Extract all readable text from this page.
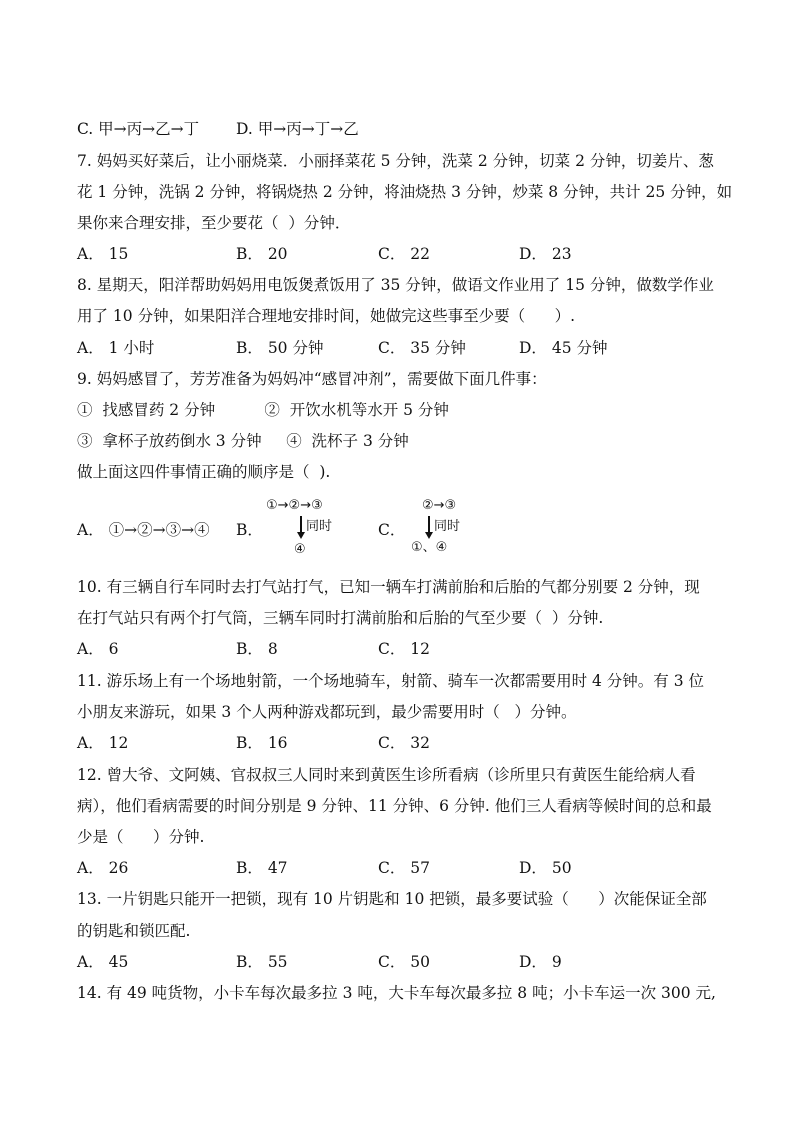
C. 甲→丙→乙→丁 D. 甲→丙→丁→乙
7. 妈妈买好菜后，让小丽烧菜．小丽择菜花 5 分钟，洗菜 2 分钟，切菜 2 分钟，切姜片、葱
花 1 分钟，洗锅 2 分钟，将锅烧热 2 分钟，将油烧热 3 分钟，炒菜 8 分钟，共计 25 分钟，如
果你来合理安排，至少要花（  ）分钟．
A． 15	B． 20	C． 22	D． 23
8. 星期天，阳洋帮助妈妈用电饭煲煮饭用了 35 分钟，做语文作业用了 15 分钟，做数学作业
用了 10 分钟，如果阳洋合理地安排时间，她做完这些事至少要（      ）.
A． 1 小时	B． 50 分钟	C． 35 分钟	D． 45 分钟
9. 妈妈感冒了，芳芳准备为妈妈冲“感冒冲剂”，需要做下面几件事：
①  找感冒药 2 分钟          ②  开饮水机等水开 5 分钟
③  拿杯子放药倒水 3 分钟     ④  洗杯子 3 分钟
做上面这四件事情正确的顺序是（  ).
A． ①→②→③→④ B．
①→②→③
同时
④
C．
②→③
同时
①、④
10. 有三辆自行车同时去打气站打气，已知一辆车打满前胎和后胎的气都分别要 2 分钟，现
在打气站只有两个打气筒，三辆车同时打满前胎和后胎的气至少要（  ）分钟.
A． 6	B． 8	C． 12
11. 游乐场上有一个场地射箭，一个场地骑车，射箭、骑车一次都需要用时 4 分钟。有 3 位
小朋友来游玩，如果 3 个人两种游戏都玩到，最少需要用时（   ）分钟。
A． 12	B． 16	C． 32
12. 曾大爷、文阿姨、官叔叔三人同时来到黄医生诊所看病（诊所里只有黄医生能给病人看
病），他们看病需要的时间分别是 9 分钟、11 分钟、6 分钟. 他们三人看病等候时间的总和最
少是（      ）分钟.
A． 26	B． 47	C． 57	D． 50
13. 一片钥匙只能开一把锁，现有 10 片钥匙和 10 把锁，最多要试验（      ）次能保证全部
的钥匙和锁匹配.
A． 45	B． 55	C． 50	D． 9
14. 有 49 吨货物，小卡车每次最多拉 3 吨，大卡车每次最多拉 8 吨；小卡车运一次 300 元,
